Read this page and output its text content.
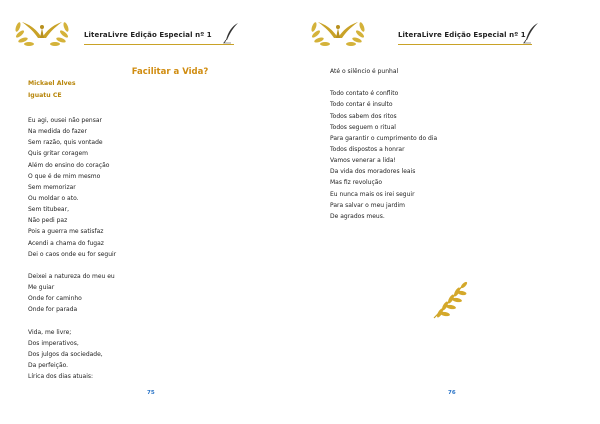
LiteraLivre Edição Especial nº 1
Facilitar a Vida?
Mickael Alves
Iguatu CE
Eu agi, ousei não pensar
Na medida do fazer
Sem razão, quis vontade
Quis gritar coragem
Além do ensino do coração
O que é de mim mesmo
Sem memorizar
Ou moldar o ato.
Sem titubear,
Não pedi paz
Pois a guerra me satisfaz
Acendi a chama do fugaz
Dei o caos onde eu for seguir
Deixei a natureza do meu eu
Me guiar
Onde for caminho
Onde for parada
Vida, me livre;
Dos imperativos,
Dos julgos da sociedade,
Da perfeição.
Lírica dos dias atuais:
75
LiteraLivre Edição Especial nº 1
Até o silêncio é punhal
Todo contato é conflito
Todo contar é insulto
Todos sabem dos ritos
Todos seguem o ritual
Para garantir o cumprimento do dia
Todos dispostos a honrar
Vamos venerar a lida!
Da vida dos moradores leais
Mas fiz revolução
Eu nunca mais os irei seguir
Para salvar o meu jardim
De agrados meus.
76
